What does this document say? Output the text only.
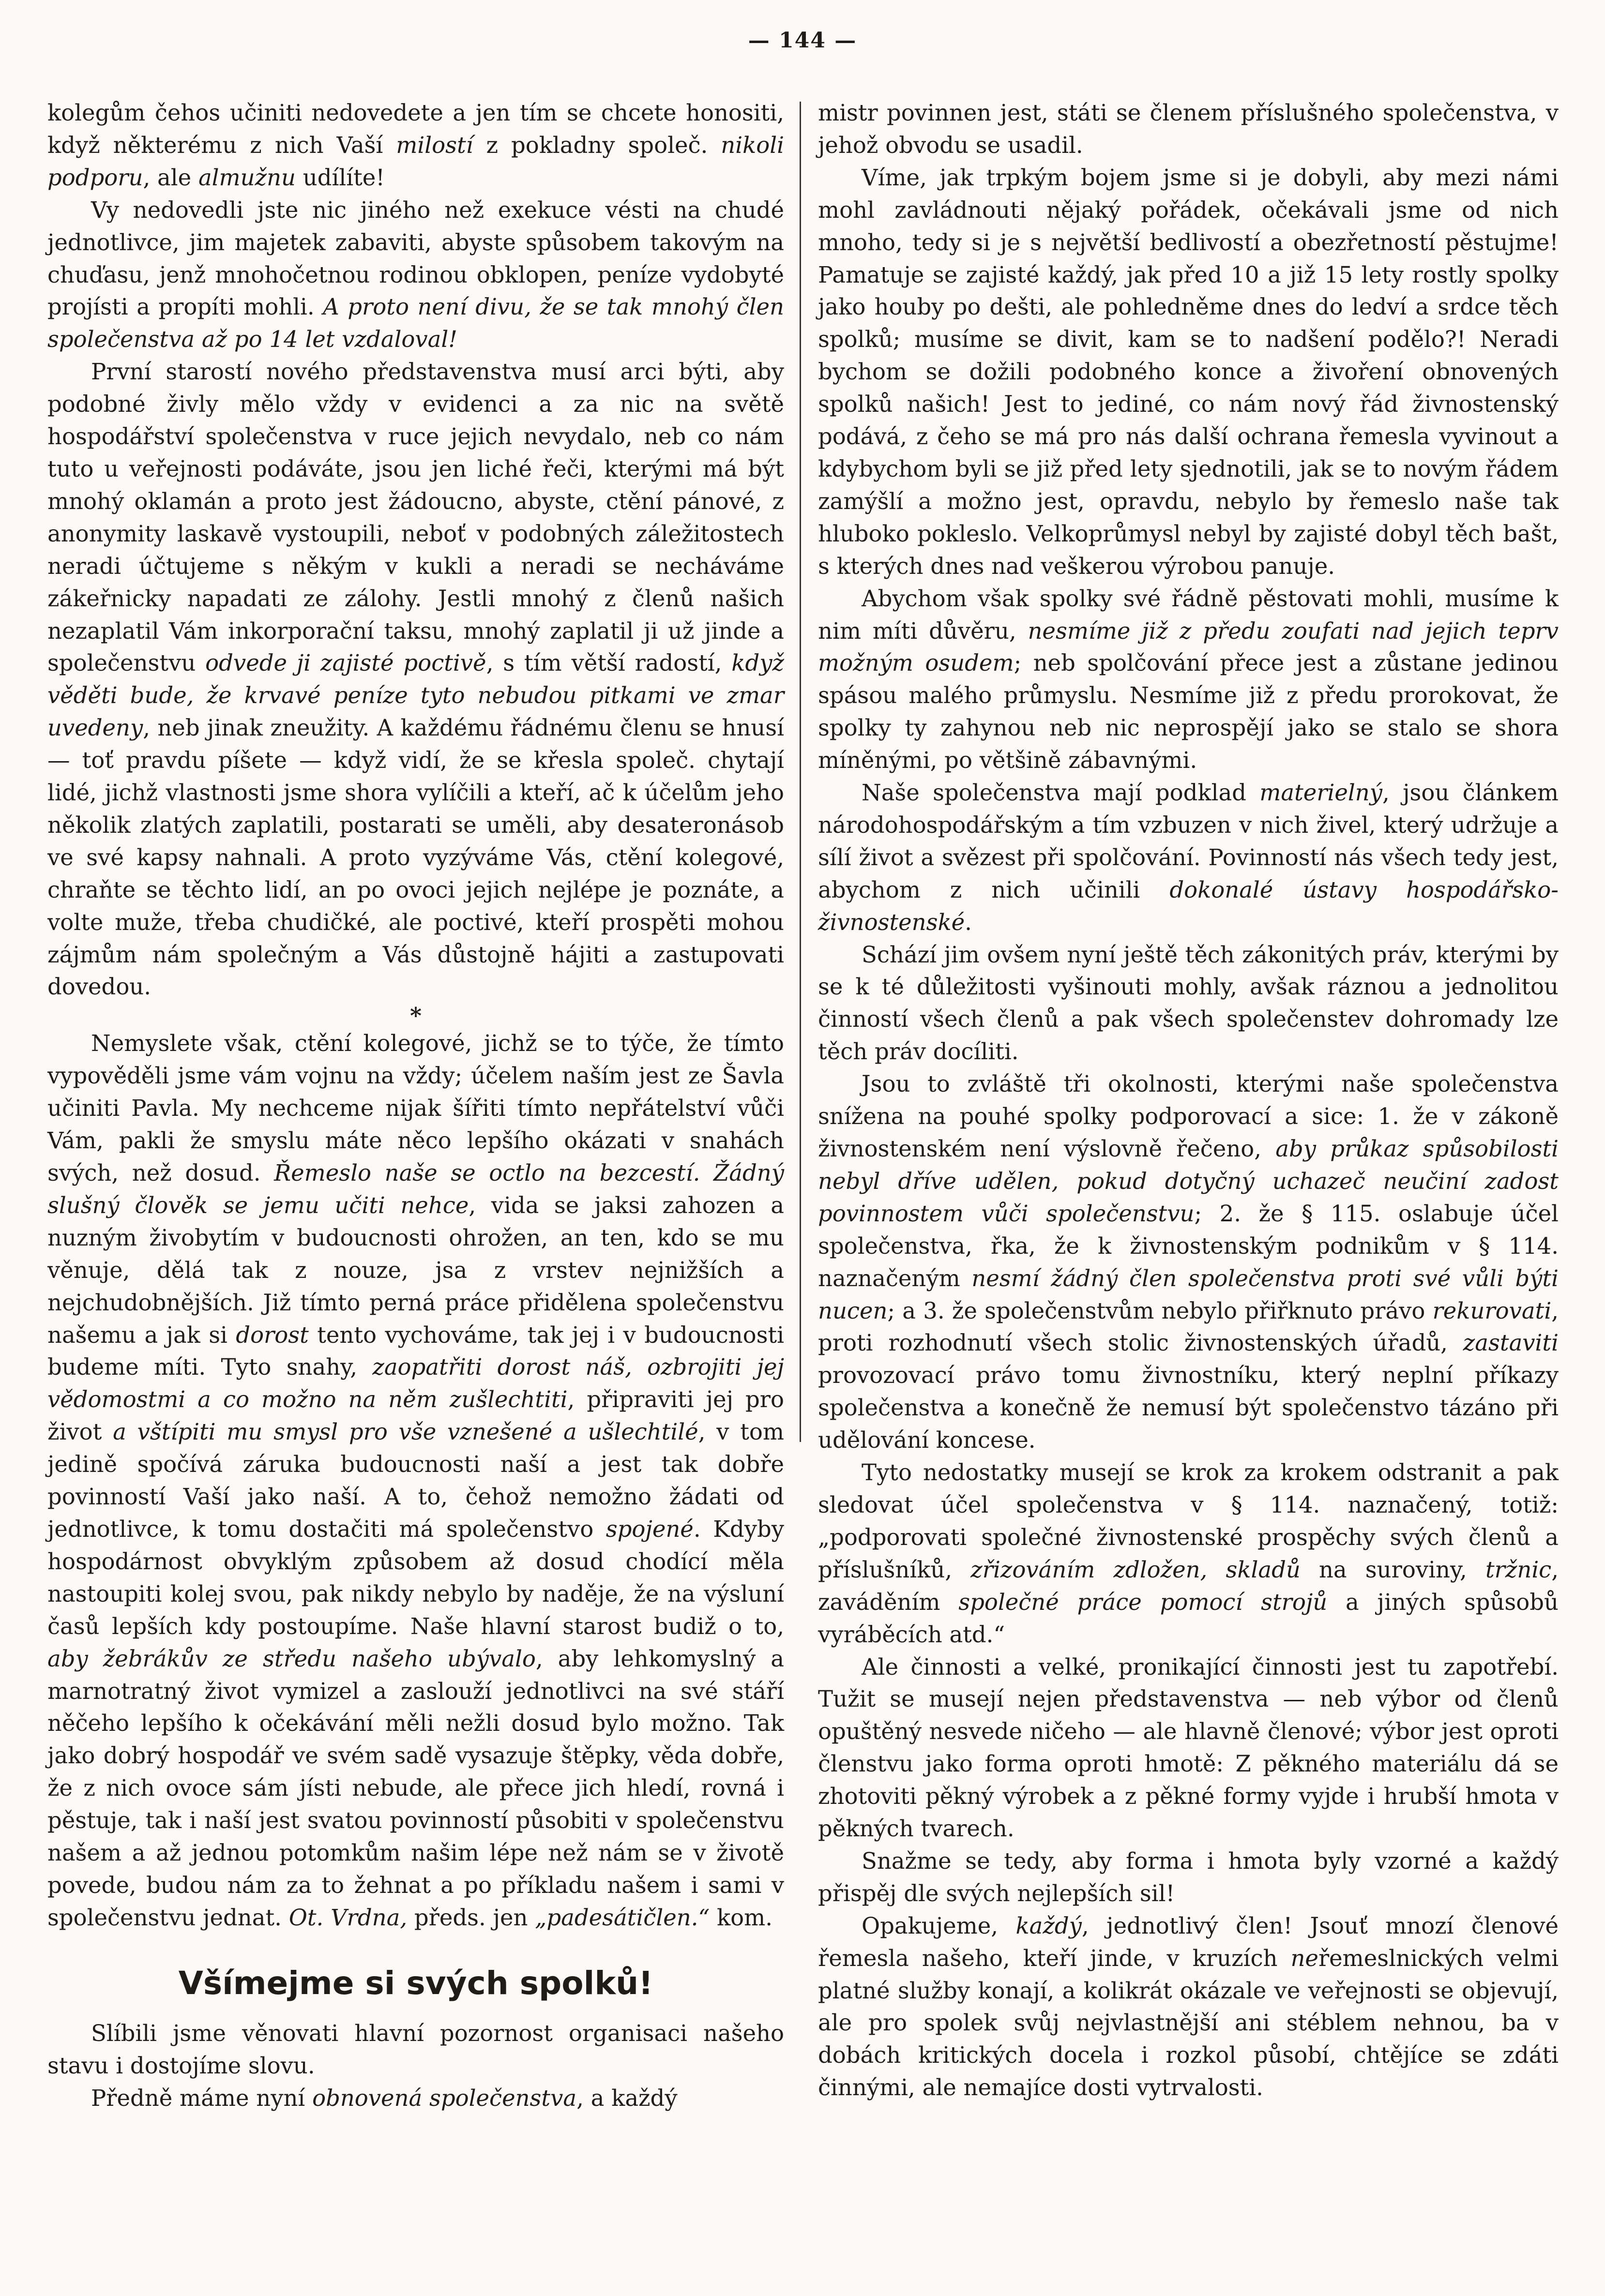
— 144 —

kolegům čehos učiniti nedovedete a jen tím se chcete honositi, když některému z nich Vaší milostí z pokladny společ. nikoli podporu, ale almužnu udílíte!

Vy nedovedli jste nic jiného než exekuce vésti na chudé jednotlivce, jim majetek zabaviti, abyste spůsobem takovým na chuďasu, jenž mnohočetnou rodinou obklopen, peníze vydobyté projísti a propíti mohli. A proto není divu, že se tak mnohý člen společenstva až po 14 let vzdaloval!

První starostí nového představenstva musí arci býti, aby podobné živly mělo vždy v evidenci a za nic na světě hospodářství společenstva v ruce jejich nevydalo, neb co nám tuto u veřejnosti podáváte, jsou jen liché řeči, kterými má být mnohý oklamán a proto jest žádoucno, abyste, ctění pánové, z anonymity laskavě vystoupili, neboť v podobných záležitostech neradi účtujeme s někým v kukli a neradi se necháváme zákeřnicky napadati ze zálohy. Jestli mnohý z členů našich nezaplatil Vám inkorporační taksu, mnohý zaplatil ji už jinde a společenstvu odvede ji zajisté poctivě, s tím větší radostí, když věděti bude, že krvavé peníze tyto nebudou pitkami ve zmar uvedeny, neb jinak zneužity. A každému řádnému členu se hnusí — toť pravdu píšete — když vidí, že se křesla společ. chytají lidé, jichž vlastnosti jsme shora vylíčili a kteří, ač k účelům jeho několik zlatých zaplatili, postarati se uměli, aby desateronásob ve své kapsy nahnali. A proto vyzýváme Vás, ctění kolegové, chraňte se těchto lidí, an po ovoci jejich nejlépe je poznáte, a volte muže, třeba chudičké, ale poctivé, kteří prospěti mohou zájmům nám společným a Vás důstojně hájiti a zastupovati dovedou.

*

Nemyslete však, ctění kolegové, jichž se to týče, že tímto vypověděli jsme vám vojnu na vždy; účelem naším jest ze Šavla učiniti Pavla. My nechceme nijak šířiti tímto nepřátelství vůči Vám, pakli že smyslu máte něco lepšího okázati v snahách svých, než dosud. Řemeslo naše se octlo na bezcestí. Žádný slušný člověk se jemu učiti nehce, vida se jaksi zahozen a nuzným živobytím v budoucnosti ohrožen, an ten, kdo se mu věnuje, dělá tak z nouze, jsa z vrstev nejnižších a nejchudobnějších. Již tímto perná práce přidělena společenstvu našemu a jak si dorost tento vychováme, tak jej i v budoucnosti budeme míti. Tyto snahy, zaopatřiti dorost náš, ozbrojiti jej vědomostmi a co možno na něm zušlechtiti, připraviti jej pro život a vštípiti mu smysl pro vše vznešené a ušlechtilé, v tom jedině spočívá záruka budoucnosti naší a jest tak dobře povinností Vaší jako naší. A to, čehož nemožno žádati od jednotlivce, k tomu dostačiti má společenstvo spojené. Kdyby hospodárnost obvyklým způsobem až dosud chodící měla nastoupiti kolej svou, pak nikdy nebylo by naděje, že na výsluní časů lepších kdy postoupíme. Naše hlavní starost budiž o to, aby žebrákův ze středu našeho ubývalo, aby lehkomyslný a marnotratný život vymizel a zaslouží jednotlivci na své stáří něčeho lepšího k očekávání měli nežli dosud bylo možno. Tak jako dobrý hospodář ve svém sadě vysazuje štěpky, věda dobře, že z nich ovoce sám jísti nebude, ale přece jich hledí, rovná i pěstuje, tak i naší jest svatou povinností působiti v společenstvu našem a až jednou potomkům našim lépe než nám se v životě povede, budou nám za to žehnat a po příkladu našem i sami v společenstvu jednat. Ot. Vrdna, předs. jen „padesátičlen.“ kom.

Všímejme si svých spolků!

Slíbili jsme věnovati hlavní pozornost organisaci našeho stavu i dostojíme slovu.

Předně máme nyní obnovená společenstva, a každý

mistr povinnen jest, státi se členem příslušného společenstva, v jehož obvodu se usadil.

Víme, jak trpkým bojem jsme si je dobyli, aby mezi námi mohl zavládnouti nějaký pořádek, očekávali jsme od nich mnoho, tedy si je s největší bedlivostí a obezřetností pěstujme! Pamatuje se zajisté každý, jak před 10 a již 15 lety rostly spolky jako houby po dešti, ale pohledněme dnes do ledví a srdce těch spolků; musíme se divit, kam se to nadšení podělo?! Neradi bychom se dožili podobného konce a živoření obnovených spolků našich! Jest to jediné, co nám nový řád živnostenský podává, z čeho se má pro nás další ochrana řemesla vyvinout a kdybychom byli se již před lety sjednotili, jak se to novým řádem zamýšlí a možno jest, opravdu, nebylo by řemeslo naše tak hluboko pokleslo. Velkoprůmysl nebyl by zajisté dobyl těch bašt, s kterých dnes nad veškerou výrobou panuje.

Abychom však spolky své řádně pěstovati mohli, musíme k nim míti důvěru, nesmíme již z předu zoufati nad jejich teprv možným osudem; neb spolčování přece jest a zůstane jedinou spásou malého průmyslu. Nesmíme již z předu prorokovat, že spolky ty zahynou neb nic neprospějí jako se stalo se shora míněnými, po většině zábavnými.

Naše společenstva mají podklad materielný, jsou článkem národohospodářským a tím vzbuzen v nich živel, který udržuje a sílí život a svězest při spolčování. Povinností nás všech tedy jest, abychom z nich učinili dokonalé ústavy hospodářsko-živnostenské.

Schází jim ovšem nyní ještě těch zákonitých práv, kterými by se k té důležitosti vyšinouti mohly, avšak ráznou a jednolitou činností všech členů a pak všech společenstev dohromady lze těch práv docíliti.

Jsou to zvláště tři okolnosti, kterými naše společenstva snížena na pouhé spolky podporovací a sice: 1. že v zákoně živnostenském není výslovně řečeno, aby průkaz spůsobilosti nebyl dříve udělen, pokud dotyčný uchazeč neučiní zadost povinnostem vůči společenstvu; 2. že § 115. oslabuje účel společenstva, řka, že k živnostenským podnikům v § 114. naznačeným nesmí žádný člen společenstva proti své vůli býti nucen; a 3. že společenstvům nebylo přiřknuto právo rekurovati, proti rozhodnutí všech stolic živnostenských úřadů, zastaviti provozovací právo tomu živnostníku, který neplní příkazy společenstva a konečně že nemusí být společenstvo tázáno při udělování koncese.

Tyto nedostatky musejí se krok za krokem odstranit a pak sledovat účel společenstva v § 114. naznačený, totiž: „podporovati společné živnostenské prospěchy svých členů a příslušníků, zřizováním zdložen, skladů na suroviny, tržnic, zaváděním společné práce pomocí strojů a jiných spůsobů vyráběcích atd.“

Ale činnosti a velké, pronikající činnosti jest tu zapotřebí. Tužit se musejí nejen představenstva — neb výbor od členů opuštěný nesvede ničeho — ale hlavně členové; výbor jest oproti členstvu jako forma oproti hmotě: Z pěkného materiálu dá se zhotoviti pěkný výrobek a z pěkné formy vyjde i hrubší hmota v pěkných tvarech.

Snažme se tedy, aby forma i hmota byly vzorné a každý přispěj dle svých nejlepších sil!

Opakujeme, každý, jednotlivý člen! Jsouť mnozí členové řemesla našeho, kteří jinde, v kruzích neřemeslnických velmi platné služby konají, a kolikrát okázale ve veřejnosti se objevují, ale pro spolek svůj nejvlastnější ani stéblem nehnou, ba v dobách kritických docela i rozkol působí, chtějíce se zdáti činnými, ale nemajíce dosti vytrvalosti.
